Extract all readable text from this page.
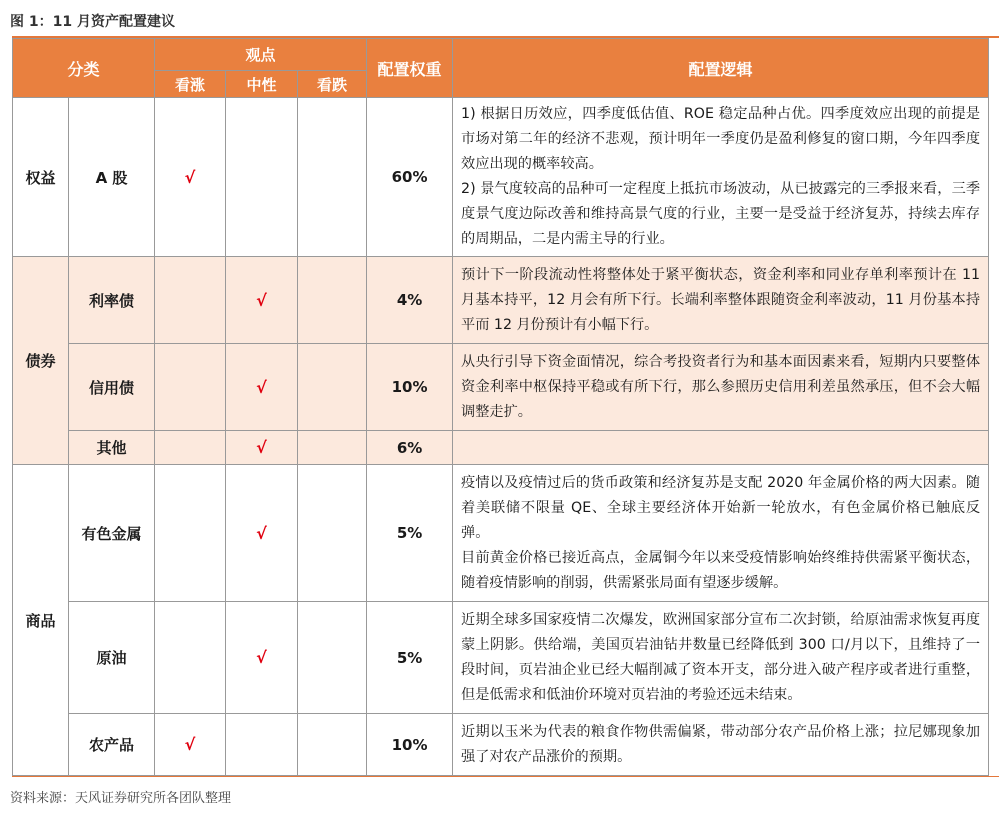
图 1：11 月资产配置建议
分类		观点			配置权重	配置逻辑
		看涨	中性	看跌		
权益	A 股	√			60%	1) 根据日历效应，四季度低估值、ROE 稳定品种占优。四季度效应出现的前提是市场对第二年的经济不悲观，预计明年一季度仍是盈利修复的窗口期，今年四季度效应出现的概率较高。

2) 景气度较高的品种可一定程度上抵抗市场波动，从已披露完的三季报来看，三季度景气度边际改善和维持高景气度的行业，主要一是受益于经济复苏，持续去库存的周期品，二是内需主导的行业。

债券	利率债		√		4%	预计下一阶段流动性将整体处于紧平衡状态，资金利率和同业存单利率预计在 11 月基本持平，12 月会有所下行。长端利率整体跟随资金利率波动，11 月份基本持平而 12 月份预计有小幅下行。
	信用债		√		10%	从央行引导下资金面情况，综合考投资者行为和基本面因素来看，短期内只要整体资金利率中枢保持平稳或有所下行，那么参照历史信用利差虽然承压，但不会大幅调整走扩。
	其他		√		6%	
商品	有色金属		√		5%	疫情以及疫情过后的货币政策和经济复苏是支配 2020 年金属价格的两大因素。随着美联储不限量 QE、全球主要经济体开始新一轮放水，有色金属价格已触底反弹。

目前黄金价格已接近高点，金属铜今年以来受疫情影响始终维持供需紧平衡状态，随着疫情影响的削弱，供需紧张局面有望逐步缓解。

	原油		√		5%	近期全球多国家疫情二次爆发，欧洲国家部分宣布二次封锁，给原油需求恢复再度蒙上阴影。供给端，美国页岩油钻井数量已经降低到 300 口/月以下，且维持了一段时间，页岩油企业已经大幅削减了资本开支，部分进入破产程序或者进行重整，但是低需求和低油价环境对页岩油的考验还远未结束。
	农产品	√			10%	近期以玉米为代表的粮食作物供需偏紧，带动部分农产品价格上涨；拉尼娜现象加强了对农产品涨价的预期。
资料来源：天风证券研究所各团队整理
